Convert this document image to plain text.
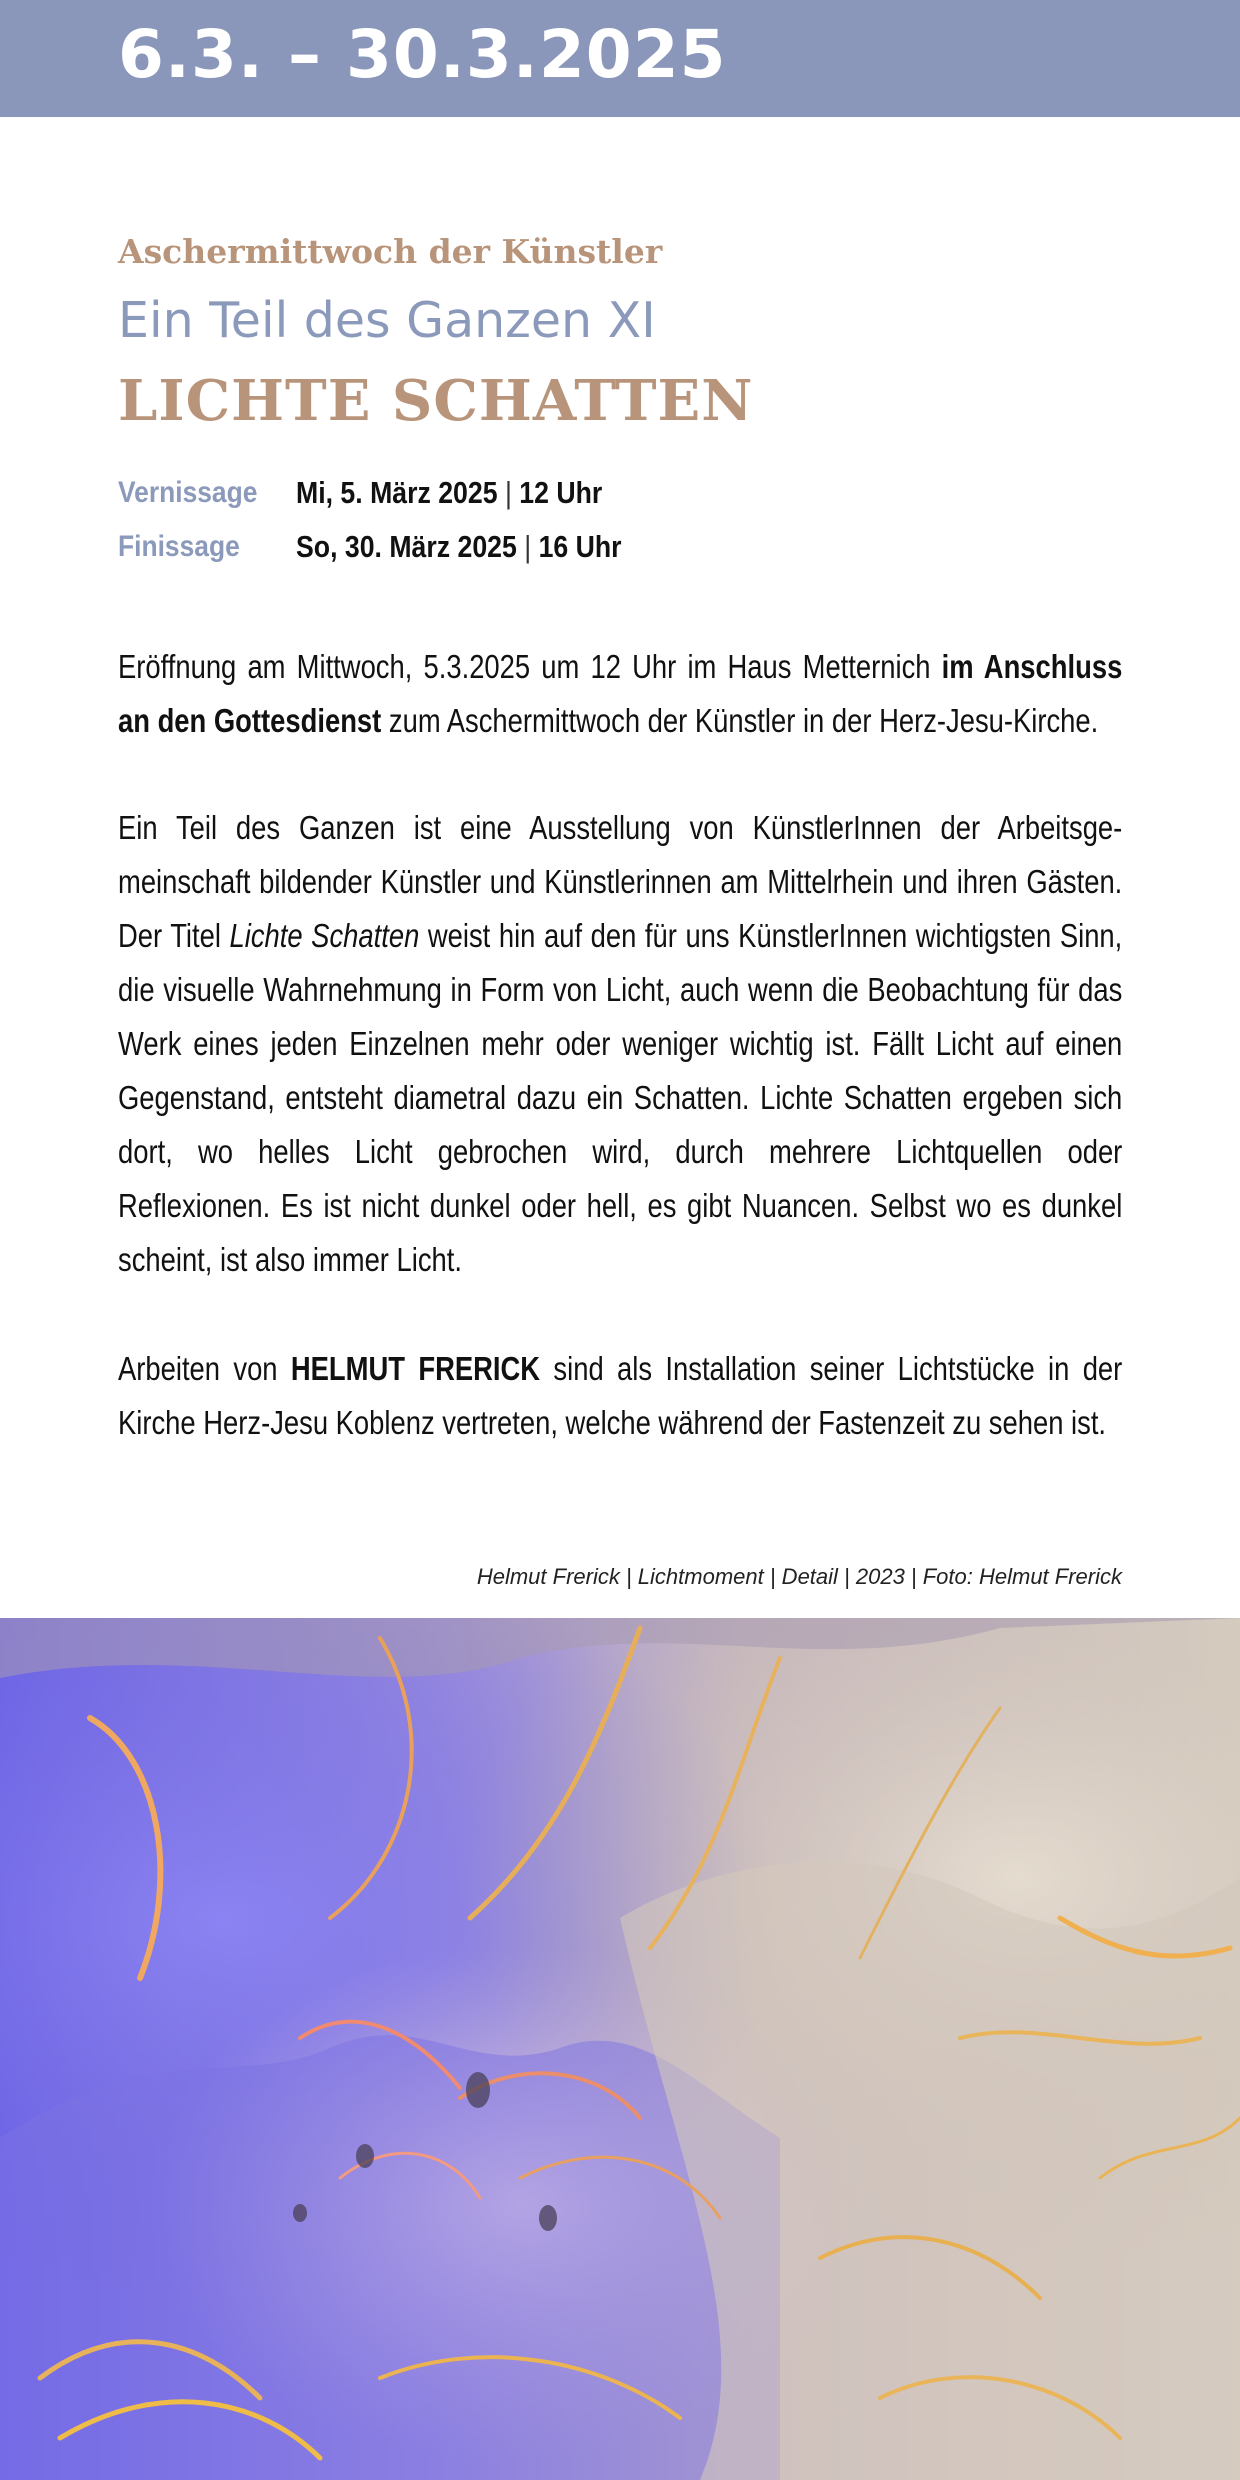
6.3. – 30.3.2025
Aschermittwoch der Künstler
Ein Teil des Ganzen XI
LICHTE SCHATTEN
Vernissage	Mi, 5. März 2025 | 12 Uhr
Finissage	So, 30. März 2025 | 16 Uhr

Eröffnung am Mittwoch, 5.3.2025 um 12 Uhr im Haus Metternich im Anschluss an den Gottesdienst zum Aschermittwoch der Künstler in der Herz-Jesu-Kirche.

Ein Teil des Ganzen ist eine Ausstellung von KünstlerInnen der Arbeitsgemeinschaft bildender Künstler und Künstlerinnen am Mittelrhein und ihren Gästen. Der Titel Lichte Schatten weist hin auf den für uns KünstlerInnen wichtigsten Sinn, die visuelle Wahrnehmung in Form von Licht, auch wenn die Beobachtung für das Werk eines jeden Einzelnen mehr oder weniger wichtig ist. Fällt Licht auf einen Gegenstand, entsteht diametral dazu ein Schatten. Lichte Schatten ergeben sich dort, wo helles Licht gebrochen wird, durch mehrere Lichtquellen oder Reflexionen. Es ist nicht dunkel oder hell, es gibt Nuancen. Selbst wo es dunkel scheint, ist also immer Licht.

Arbeiten von HELMUT FRERICK sind als Installation seiner Lichtstücke in der Kirche Herz-Jesu Koblenz vertreten, welche während der Fastenzeit zu sehen ist.

Helmut Frerick | Lichtmoment | Detail | 2023 | Foto: Helmut Frerick
